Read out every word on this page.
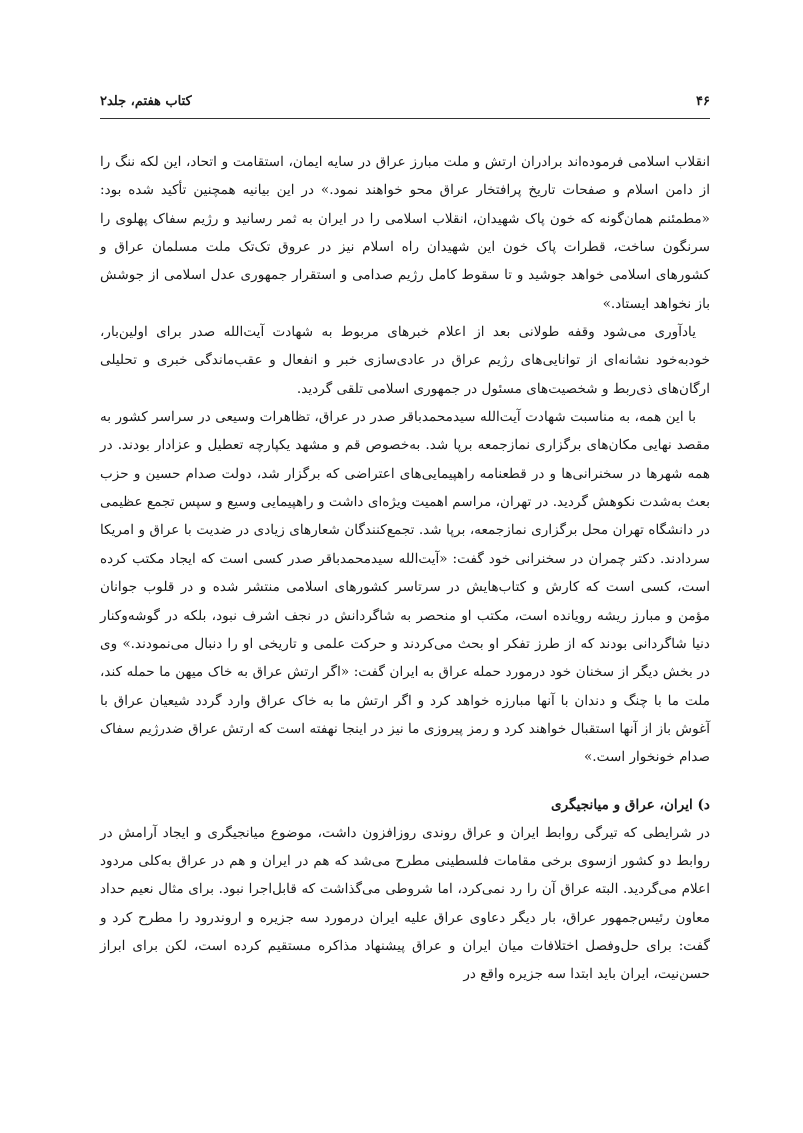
۴۶
کتاب هفتم، جلد۲

انقلاب اسلامی فرموده‌اند برادران ارتش و ملت مبارز عراق در سایه ایمان، استقامت و اتحاد، این لکه ننگ را از دامن اسلام و صفحات تاریخ پرافتخار عراق محو خواهند نمود.» در این بیانیه همچنین تأکید شده بود: «مطمئنم همان‌گونه که خون پاک شهیدان، انقلاب اسلامی را در ایران به ثمر رسانید و رژیم سفاک پهلوی را سرنگون ساخت، قطرات پاک خون این شهیدان راه اسلام نیز در عروق تک‌تک ملت مسلمان عراق و کشورهای اسلامی خواهد جوشید و تا سقوط کامل رژیم صدامی و استقرار جمهوری عدل اسلامی از جوشش باز نخواهد ایستاد.»

یادآوری می‌شود وقفه طولانی بعد از اعلام خبرهای مربوط به شهادت آیت‌الله صدر برای اولین‌بار، خودبه‌خود نشانه‌ای از توانایی‌های رژیم عراق در عادی‌سازی خبر و انفعال و عقب‌ماندگی خبری و تحلیلی ارگان‌های ذی‌ربط و شخصیت‌های مسئول در جمهوری اسلامی تلقی گردید.

با این همه، به مناسبت شهادت آیت‌الله سیدمحمدباقر صدر در عراق، تظاهرات وسیعی در سراسر کشور به مقصد نهایی مکان‌های برگزاری نمازجمعه برپا شد. به‌خصوص قم و مشهد یکپارچه تعطیل و عزادار بودند. در همه شهرها در سخنرانی‌ها و در قطعنامه راهپیمایی‌های اعتراضی که برگزار شد، دولت صدام حسین و حزب بعث به‌شدت نکوهش گردید. در تهران، مراسم اهمیت ویژه‌ای داشت و راهپیمایی وسیع و سپس تجمع عظیمی در دانشگاه تهران محل برگزاری نمازجمعه، برپا شد. تجمع‌کنندگان شعارهای زیادی در ضدیت با عراق و امریکا سردادند. دکتر چمران در سخنرانی خود گفت: «آیت‌الله سیدمحمدباقر صدر کسی است که ایجاد مکتب کرده است، کسی است که کارش و کتاب‌هایش در سرتاسر کشورهای اسلامی منتشر شده و در قلوب جوانان مؤمن و مبارز ریشه رویانده است، مکتب او منحصر به شاگردانش در نجف اشرف نبود، بلکه در گوشه‌وکنار دنیا شاگردانی بودند که از طرز تفکر او بحث می‌کردند و حرکت علمی و تاریخی او را دنبال می‌نمودند.» وی در بخش دیگر از سخنان خود درمورد حمله عراق به ایران گفت: «اگر ارتش عراق به خاک میهن ما حمله کند، ملت ما با چنگ و دندان با آنها مبارزه خواهد کرد و اگر ارتش ما به خاک عراق وارد گردد شیعیان عراق با آغوش باز از آنها استقبال خواهند کرد و رمز پیروزی ما نیز در اینجا نهفته است که ارتش عراق ضدرژیم سفاک صدام خونخوار است.»

د) ایران، عراق و میانجیگری

در شرایطی که تیرگی روابط ایران و عراق روندی روزافزون داشت، موضوع میانجیگری و ایجاد آرامش در روابط دو کشور ازسوی برخی مقامات فلسطینی مطرح می‌شد که هم در ایران و هم در عراق به‌کلی مردود اعلام می‌گردید. البته عراق آن را رد نمی‌کرد، اما شروطی می‌گذاشت که قابل‌اجرا نبود. برای مثال نعیم حداد معاون رئیس‌جمهور عراق، بار دیگر دعاوی عراق علیه ایران درمورد سه جزیره و اروندرود را مطرح کرد و گفت: برای حل‌وفصل اختلافات میان ایران و عراق پیشنهاد مذاکره مستقیم کرده است، لکن برای ابراز حسن‌نیت، ایران باید ابتدا سه جزیره واقع در
